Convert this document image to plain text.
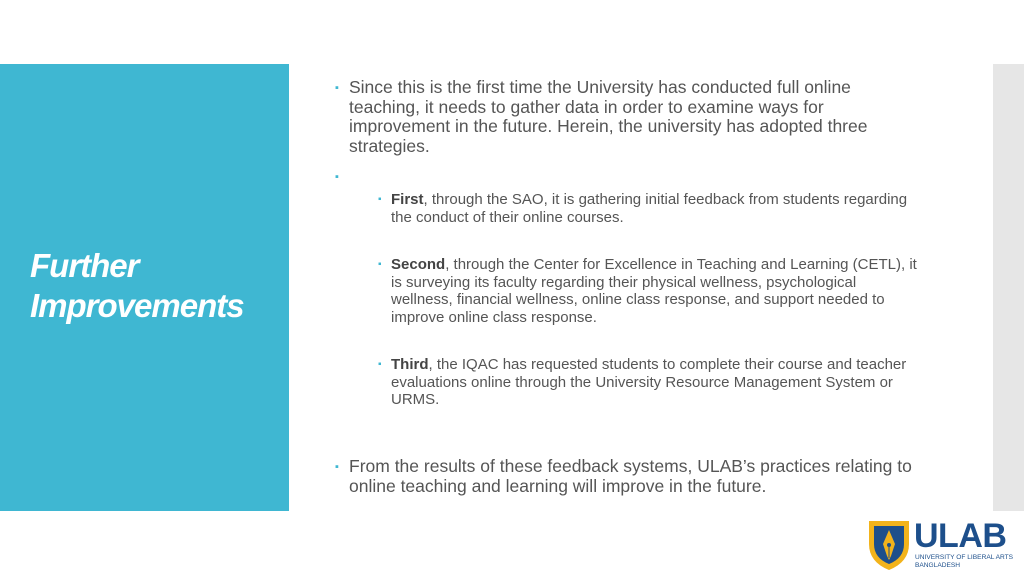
Further
Improvements
▪ Since this is the first time the University has conducted full online teaching, it needs to gather data in order to examine ways for improvement in the future. Herein, the university has adopted three strategies.
▪
▪ First, through the SAO, it is gathering initial feedback from students regarding the conduct of their online courses.
▪ Second, through the Center for Excellence in Teaching and Learning (CETL), it is surveying its faculty regarding their physical wellness, psychological wellness, financial wellness, online class response, and support needed to improve online class response.
▪ Third, the IQAC has requested students to complete their course and teacher evaluations online through the University Resource Management System or URMS.
▪ From the results of these feedback systems, ULAB’s practices relating to online teaching and learning will improve in the future.
ULAB
UNIVERSITY OF LIBERAL ARTS
BANGLADESH
